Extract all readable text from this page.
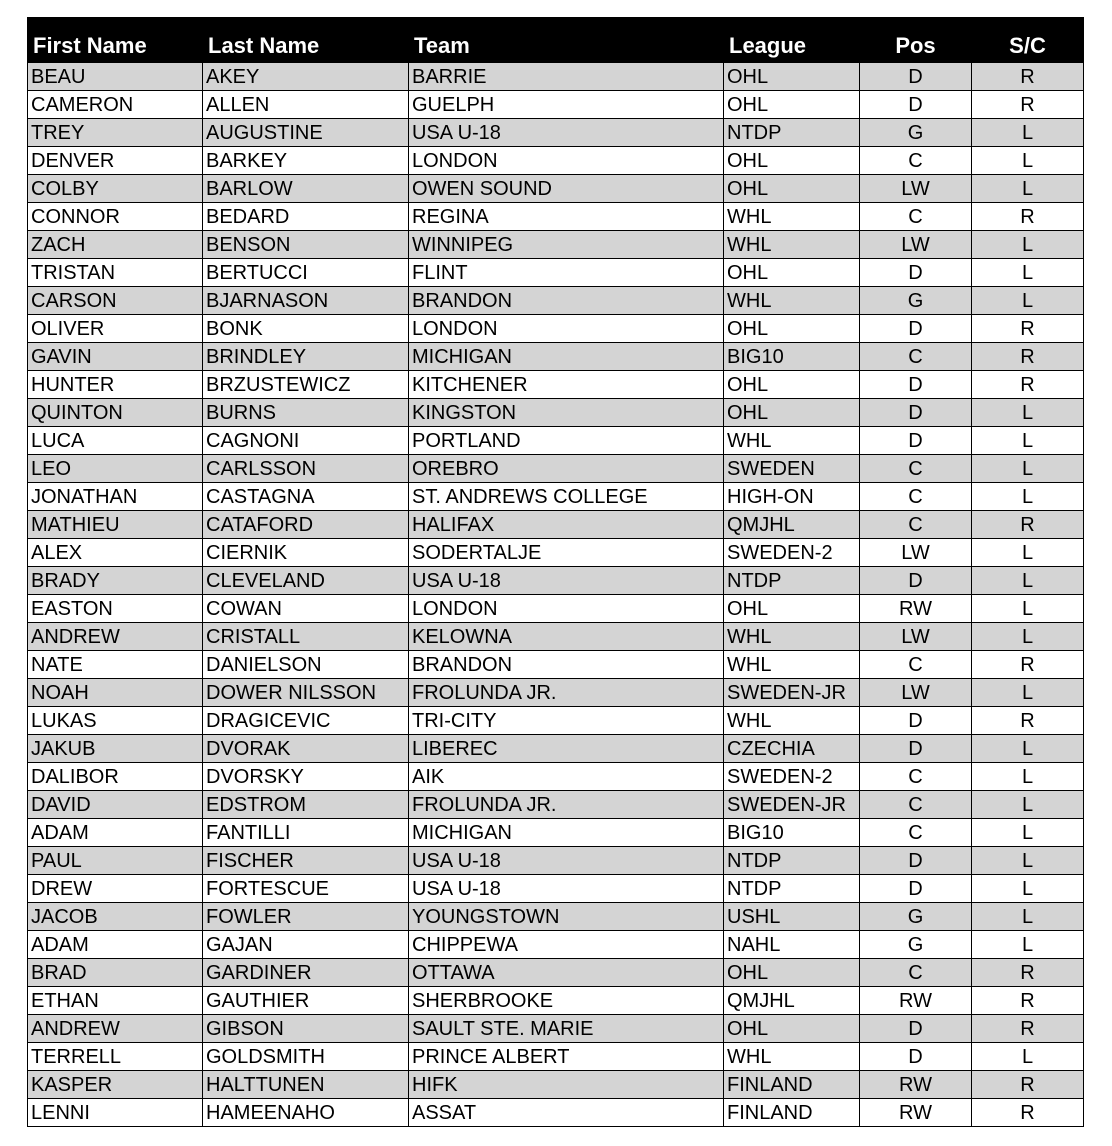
First Name	Last Name	Team	League	Pos	S/C
BEAU	AKEY	BARRIE	OHL	D	R
CAMERON	ALLEN	GUELPH	OHL	D	R
TREY	AUGUSTINE	USA U-18	NTDP	G	L
DENVER	BARKEY	LONDON	OHL	C	L
COLBY	BARLOW	OWEN SOUND	OHL	LW	L
CONNOR	BEDARD	REGINA	WHL	C	R
ZACH	BENSON	WINNIPEG	WHL	LW	L
TRISTAN	BERTUCCI	FLINT	OHL	D	L
CARSON	BJARNASON	BRANDON	WHL	G	L
OLIVER	BONK	LONDON	OHL	D	R
GAVIN	BRINDLEY	MICHIGAN	BIG10	C	R
HUNTER	BRZUSTEWICZ	KITCHENER	OHL	D	R
QUINTON	BURNS	KINGSTON	OHL	D	L
LUCA	CAGNONI	PORTLAND	WHL	D	L
LEO	CARLSSON	OREBRO	SWEDEN	C	L
JONATHAN	CASTAGNA	ST. ANDREWS COLLEGE	HIGH-ON	C	L
MATHIEU	CATAFORD	HALIFAX	QMJHL	C	R
ALEX	CIERNIK	SODERTALJE	SWEDEN-2	LW	L
BRADY	CLEVELAND	USA U-18	NTDP	D	L
EASTON	COWAN	LONDON	OHL	RW	L
ANDREW	CRISTALL	KELOWNA	WHL	LW	L
NATE	DANIELSON	BRANDON	WHL	C	R
NOAH	DOWER NILSSON	FROLUNDA JR.	SWEDEN-JR	LW	L
LUKAS	DRAGICEVIC	TRI-CITY	WHL	D	R
JAKUB	DVORAK	LIBEREC	CZECHIA	D	L
DALIBOR	DVORSKY	AIK	SWEDEN-2	C	L
DAVID	EDSTROM	FROLUNDA JR.	SWEDEN-JR	C	L
ADAM	FANTILLI	MICHIGAN	BIG10	C	L
PAUL	FISCHER	USA U-18	NTDP	D	L
DREW	FORTESCUE	USA U-18	NTDP	D	L
JACOB	FOWLER	YOUNGSTOWN	USHL	G	L
ADAM	GAJAN	CHIPPEWA	NAHL	G	L
BRAD	GARDINER	OTTAWA	OHL	C	R
ETHAN	GAUTHIER	SHERBROOKE	QMJHL	RW	R
ANDREW	GIBSON	SAULT STE. MARIE	OHL	D	R
TERRELL	GOLDSMITH	PRINCE ALBERT	WHL	D	L
KASPER	HALTTUNEN	HIFK	FINLAND	RW	R
LENNI	HAMEENAHO	ASSAT	FINLAND	RW	R
